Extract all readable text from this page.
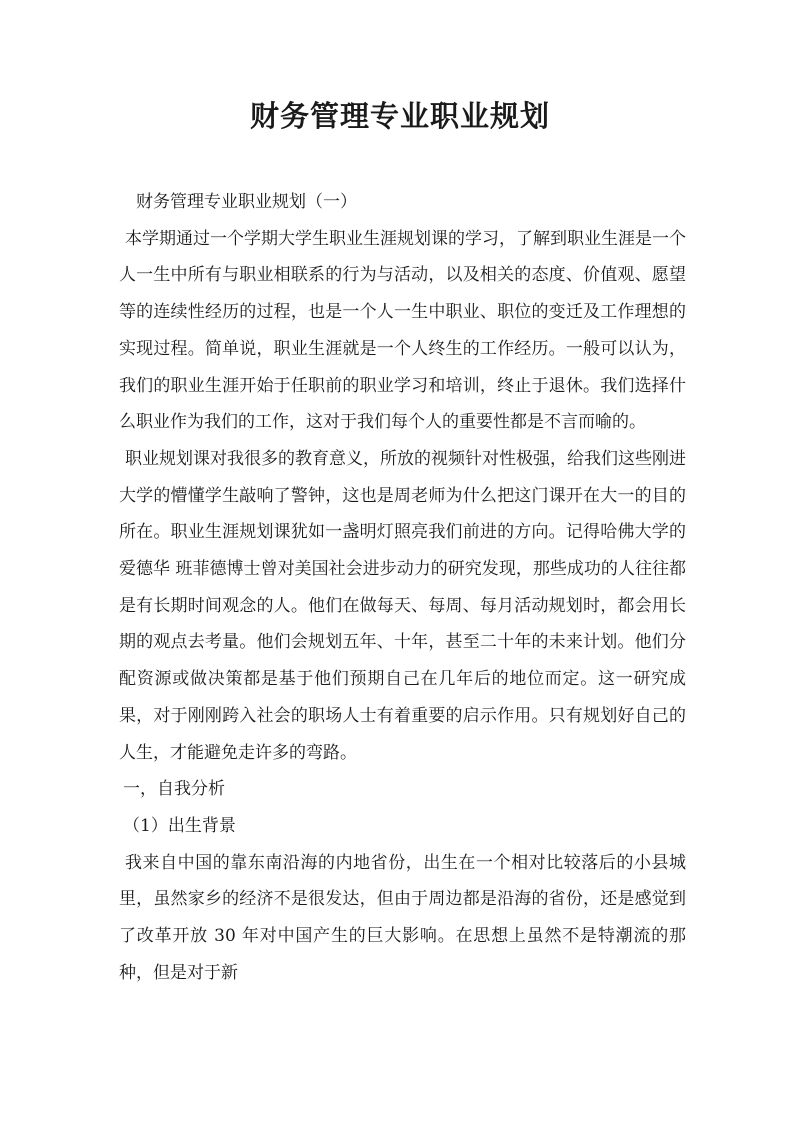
财务管理专业职业规划

财务管理专业职业规划（一）

本学期通过一个学期大学生职业生涯规划课的学习，了解到职业生涯是一个人一生中所有与职业相联系的行为与活动，以及相关的态度、价值观、愿望等的连续性经历的过程，也是一个人一生中职业、职位的变迁及工作理想的实现过程。简单说，职业生涯就是一个人终生的工作经历。一般可以认为，我们的职业生涯开始于任职前的职业学习和培训，终止于退休。我们选择什么职业作为我们的工作，这对于我们每个人的重要性都是不言而喻的。

职业规划课对我很多的教育意义，所放的视频针对性极强，给我们这些刚进大学的懵懂学生敲响了警钟，这也是周老师为什么把这门课开在大一的目的所在。职业生涯规划课犹如一盏明灯照亮我们前进的方向。记得哈佛大学的爱德华 班菲德博士曾对美国社会进步动力的研究发现，那些成功的人往往都是有长期时间观念的人。他们在做每天、每周、每月活动规划时，都会用长期的观点去考量。他们会规划五年、十年，甚至二十年的未来计划。他们分配资源或做决策都是基于他们预期自己在几年后的地位而定。这一研究成果，对于刚刚跨入社会的职场人士有着重要的启示作用。只有规划好自己的人生，才能避免走许多的弯路。

一，自我分析

（1）出生背景

我来自中国的靠东南沿海的内地省份，出生在一个相对比较落后的小县城里，虽然家乡的经济不是很发达，但由于周边都是沿海的省份，还是感觉到了改革开放 30 年对中国产生的巨大影响。在思想上虽然不是特潮流的那种，但是对于新
